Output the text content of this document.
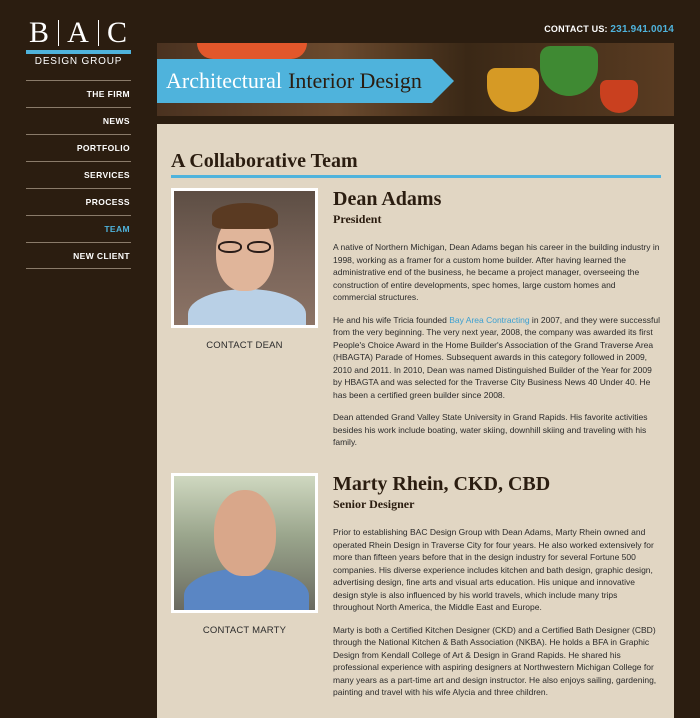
B A C
DESIGN GROUP
THE FIRM
NEWS
PORTFOLIO
SERVICES
PROCESS
TEAM
NEW CLIENT
CONTACT US: 231.941.0014
Architectural Interior Design
A Collaborative Team
CONTACT DEAN
Dean Adams
President

A native of Northern Michigan, Dean Adams began his career in the building industry in 1998, working as a framer for a custom home builder. After having learned the administrative end of the business, he became a project manager, overseeing the construction of entire developments, spec homes, large custom homes and commercial structures.

He and his wife Tricia founded Bay Area Contracting in 2007, and they were successful from the very beginning. The very next year, 2008, the company was awarded its first People's Choice Award in the Home Builder's Association of the Grand Traverse Area (HBAGTA) Parade of Homes. Subsequent awards in this category followed in 2009, 2010 and 2011. In 2010, Dean was named Distinguished Builder of the Year for 2009 by HBAGTA and was selected for the Traverse City Business News 40 Under 40. He has been a certified green builder since 2008.

Dean attended Grand Valley State University in Grand Rapids. His favorite activities besides his work include boating, water skiing, downhill skiing and traveling with his family.

CONTACT MARTY
Marty Rhein, CKD, CBD
Senior Designer

Prior to establishing BAC Design Group with Dean Adams, Marty Rhein owned and operated Rhein Design in Traverse City for four years. He also worked extensively for more than fifteen years before that in the design industry for several Fortune 500 companies. His diverse experience includes kitchen and bath design, graphic design, advertising design, fine arts and visual arts education. His unique and innovative design style is also influenced by his world travels, which include many trips throughout North America, the Middle East and Europe.

Marty is both a Certified Kitchen Designer (CKD) and a Certified Bath Designer (CBD) through the National Kitchen & Bath Association (NKBA). He holds a BFA in Graphic Design from Kendall College of Art & Design in Grand Rapids. He shared his professional experience with aspiring designers at Northwestern Michigan College for many years as a part-time art and design instructor. He also enjoys sailing, gardening, painting and travel with his wife Alycia and three children.
